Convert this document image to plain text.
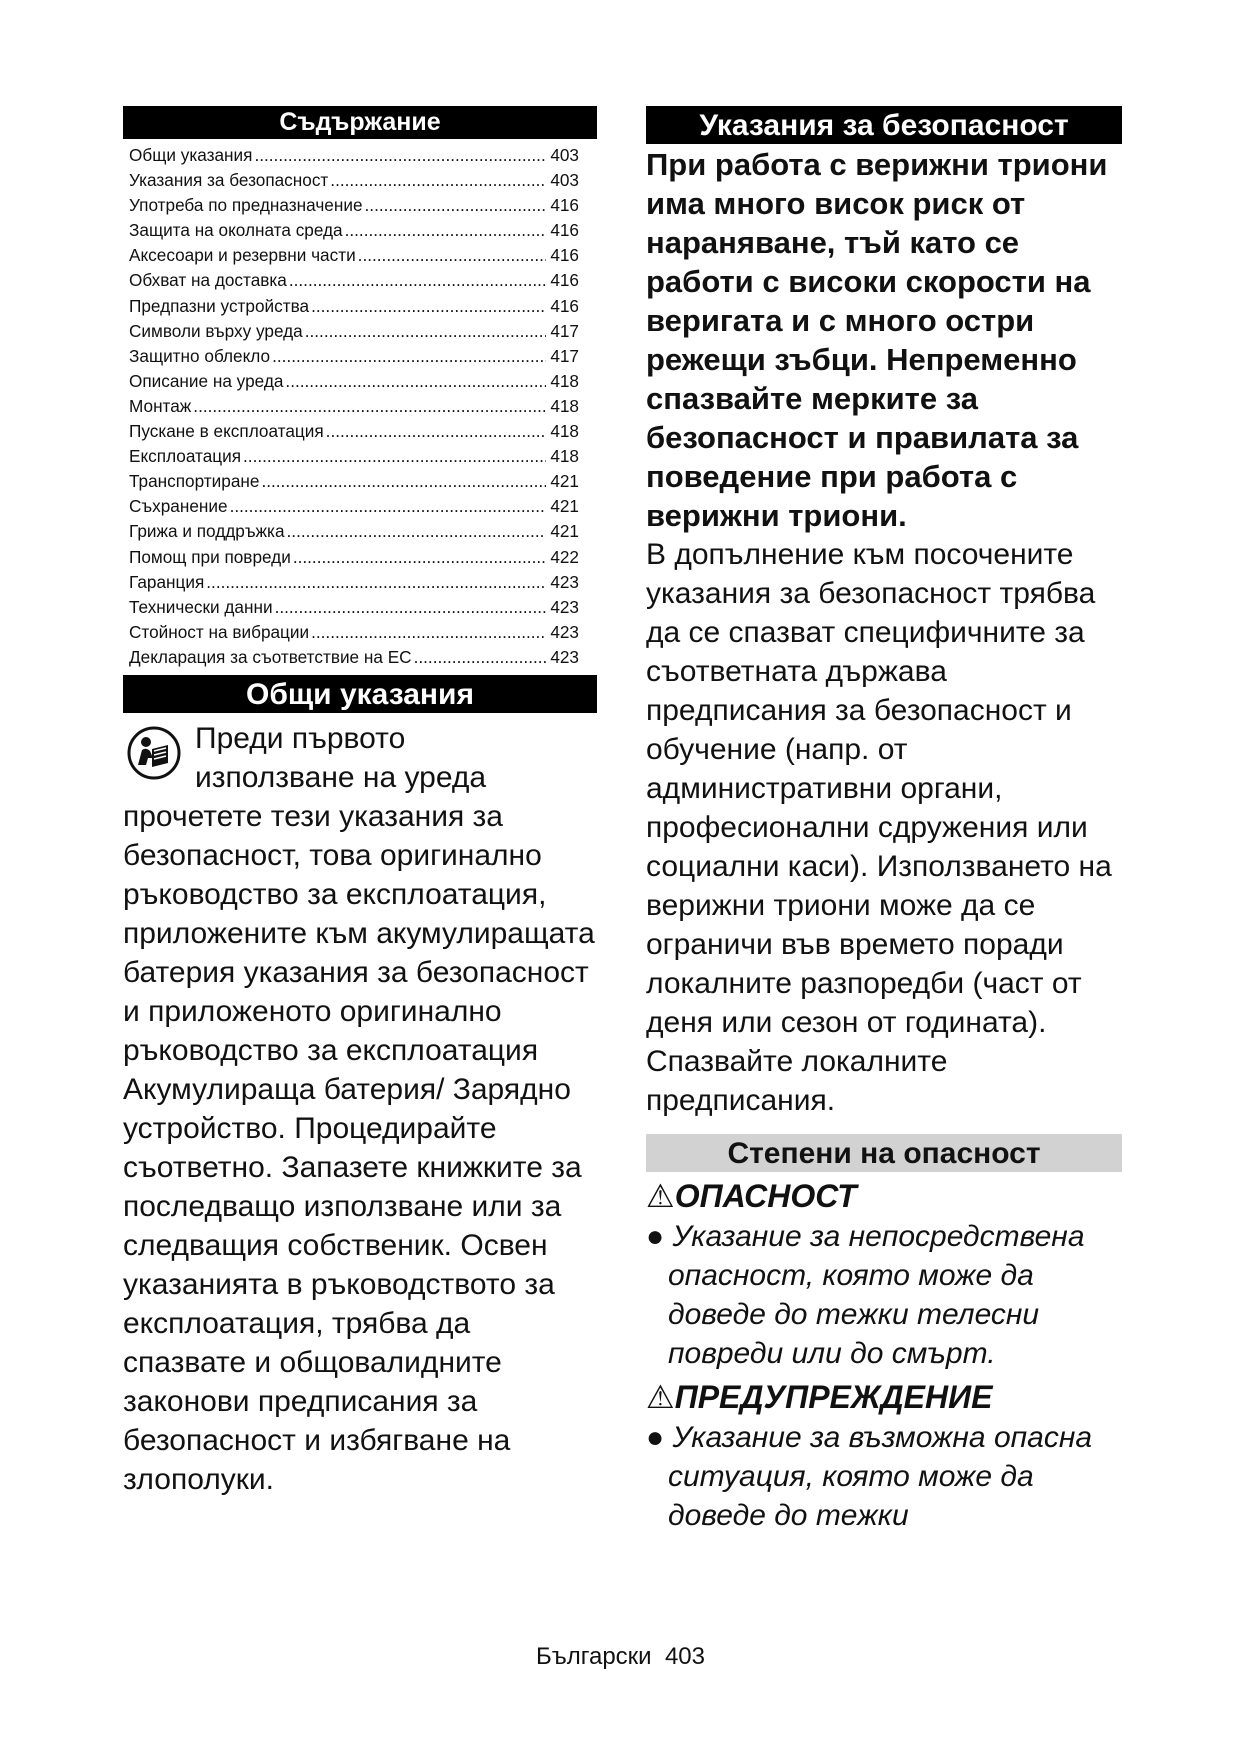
Съдържание
Общи указания .....	403
Указания за безопасност .....	403
Употреба по предназначение .....	416
Защита на околната среда .....	416
Аксесоари и резервни части .....	416
Обхват на доставка .....	416
Предпазни устройства .....	416
Символи върху уреда .....	417
Защитно облекло .....	417
Описание на уреда .....	418
Монтаж .....	418
Пускане в експлоатация .....	418
Експлоатация .....	418
Транспортиране .....	421
Съхранение .....	421
Грижа и поддръжка .....	421
Помощ при повреди .....	422
Гаранция .....	423
Технически данни .....	423
Стойност на вибрации .....	423
Декларация за съответствие на ЕС .....	423
Общи указания
Преди първото
използване на уреда
прочетете тези указания за безопасност, това оригинално ръководство за експлоатация, приложените към акумулиращата батерия указания за безопасност и приложеното оригинално ръководство за експлоатация Акумулираща батерия/ Зарядно устройство. Процедирайте съответно. Запазете книжките за последващо използване или за следващия собственик. Освен указанията в ръководството за експлоатация, трябва да спазвате и общовалидните законови предписания за безопасност и избягване на злополуки.
Указания за безопасност
При работа с верижни триони има много висок риск от нараняване, тъй като се работи с високи скорости на веригата и с много остри режещи зъбци. Непременно спазвайте мерките за безопасност и правилата за поведение при работа с верижни триони.
В допълнение към посочените указания за безопасност трябва да се спазват специфичните за съответната държава предписания за безопасност и обучение (напр. от административни органи, професионални сдружения или социални каси). Използването на верижни триони може да се ограничи във времето поради локалните разпоредби (част от деня или сезон от годината). Спазвайте локалните предписания.
Степени на опасност
⚠ОПАСНОСТ
● Указание за непосредствена опасност, която може да доведе до тежки телесни повреди или до смърт.
⚠ПРЕДУПРЕЖДЕНИЕ
● Указание за възможна опасна ситуация, която може да доведе до тежки
Български 403
